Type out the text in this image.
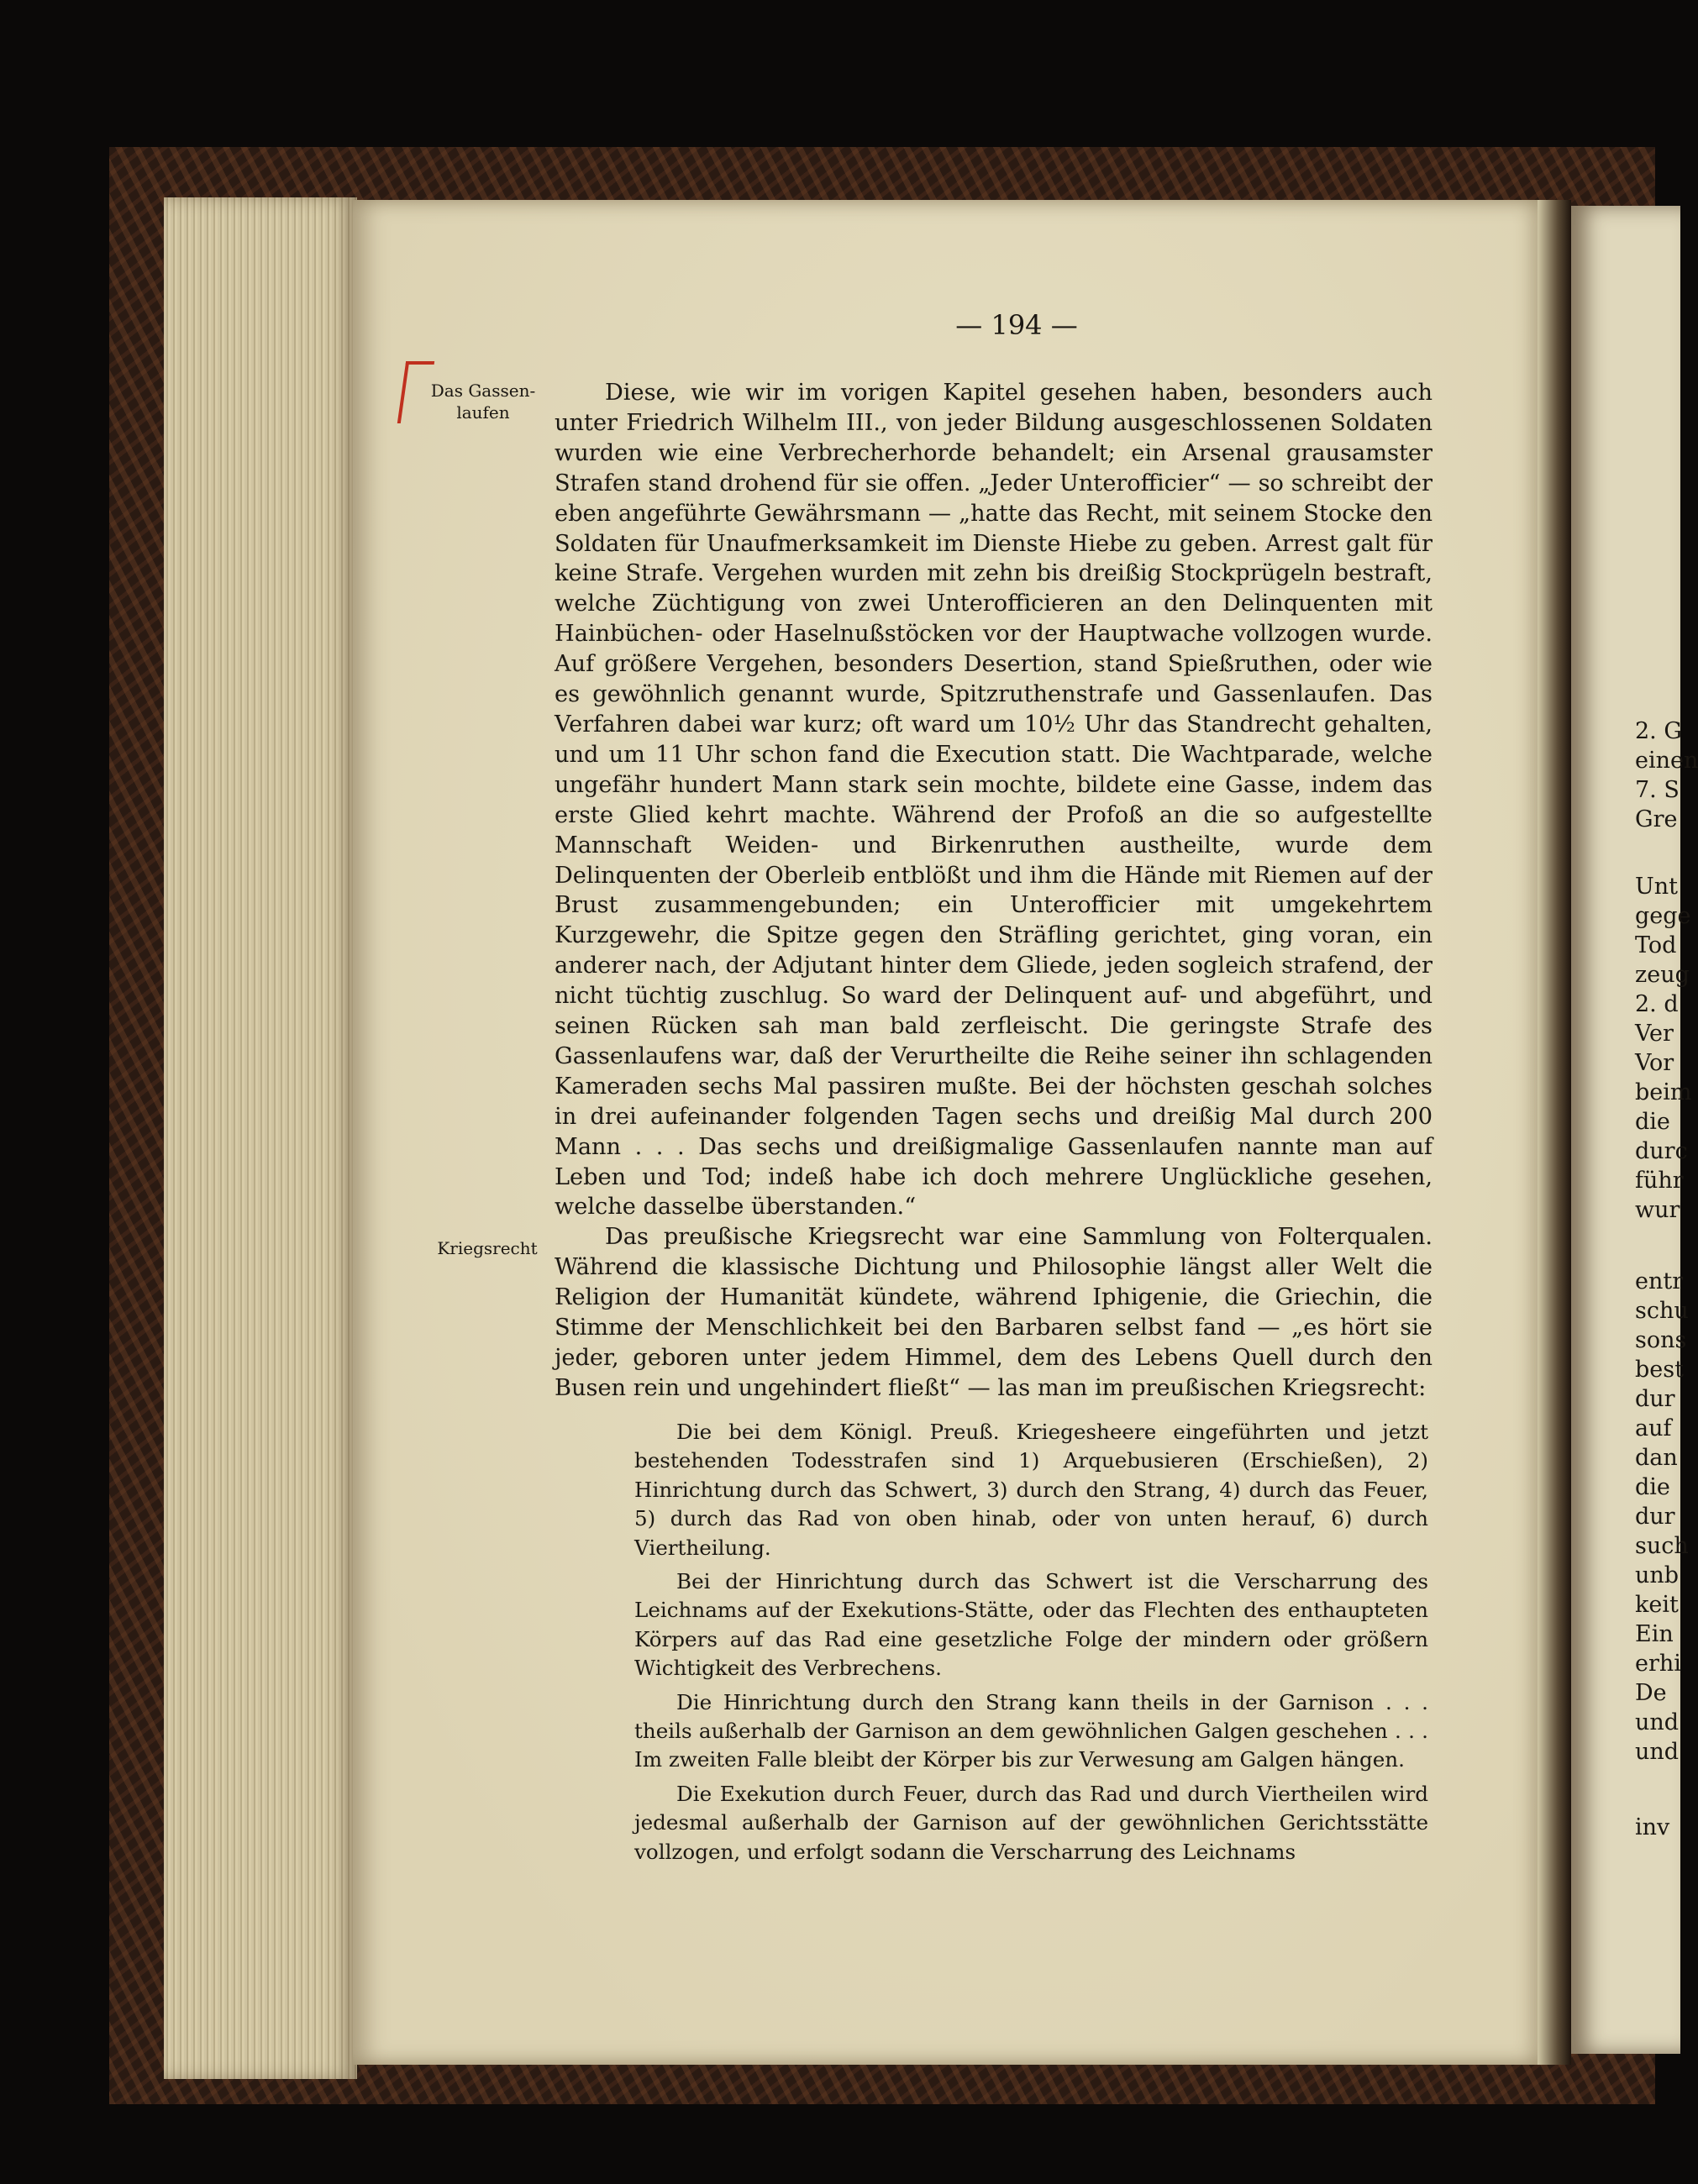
— 194 —
Das Gassen-
laufen
Kriegsrecht

Diese, wie wir im vorigen Kapitel gesehen haben, besonders auch unter Friedrich Wilhelm III., von jeder Bildung ausgeschlossenen Soldaten wurden wie eine Verbrecherhorde behandelt; ein Arsenal grausamster Strafen stand drohend für sie offen. „Jeder Unterofficier“ — so schreibt der eben angeführte Gewährsmann — „hatte das Recht, mit seinem Stocke den Soldaten für Unaufmerksamkeit im Dienste Hiebe zu geben. Arrest galt für keine Strafe. Vergehen wurden mit zehn bis dreißig Stockprügeln bestraft, welche Züchtigung von zwei Unterofficieren an den Delinquenten mit Hainbüchen- oder Haselnußstöcken vor der Hauptwache vollzogen wurde. Auf größere Vergehen, besonders Desertion, stand Spießruthen, oder wie es gewöhnlich genannt wurde, Spitzruthenstrafe und Gassenlaufen. Das Verfahren dabei war kurz; oft ward um 10½ Uhr das Standrecht gehalten, und um 11 Uhr schon fand die Execution statt. Die Wachtparade, welche ungefähr hundert Mann stark sein mochte, bildete eine Gasse, indem das erste Glied kehrt machte. Während der Profoß an die so aufgestellte Mannschaft Weiden- und Birkenruthen austheilte, wurde dem Delinquenten der Oberleib entblößt und ihm die Hände mit Riemen auf der Brust zusammengebunden; ein Unterofficier mit umgekehrtem Kurzgewehr, die Spitze gegen den Sträfling gerichtet, ging voran, ein anderer nach, der Adjutant hinter dem Gliede, jeden sogleich strafend, der nicht tüchtig zuschlug. So ward der Delinquent auf- und abgeführt, und seinen Rücken sah man bald zerfleischt. Die geringste Strafe des Gassenlaufens war, daß der Verurtheilte die Reihe seiner ihn schlagenden Kameraden sechs Mal passiren mußte. Bei der höchsten geschah solches in drei aufeinander folgenden Tagen sechs und dreißig Mal durch 200 Mann . . . Das sechs und dreißigmalige Gassenlaufen nannte man auf Leben und Tod; indeß habe ich doch mehrere Unglückliche gesehen, welche dasselbe überstanden.“

Das preußische Kriegsrecht war eine Sammlung von Folterqualen. Während die klassische Dichtung und Philosophie längst aller Welt die Religion der Humanität kündete, während Iphigenie, die Griechin, die Stimme der Menschlichkeit bei den Barbaren selbst fand — „es hört sie jeder, geboren unter jedem Himmel, dem des Lebens Quell durch den Busen rein und ungehindert fließt“ — las man im preußischen Kriegsrecht:

Die bei dem Königl. Preuß. Kriegesheere eingeführten und jetzt bestehenden Todesstrafen sind 1) Arquebusieren (Erschießen), 2) Hinrichtung durch das Schwert, 3) durch den Strang, 4) durch das Feuer, 5) durch das Rad von oben hinab, oder von unten herauf, 6) durch Viertheilung.

Bei der Hinrichtung durch das Schwert ist die Verscharrung des Leichnams auf der Exekutions-Stätte, oder das Flechten des enthaupteten Körpers auf das Rad eine gesetzliche Folge der mindern oder größern Wichtigkeit des Verbrechens.

Die Hinrichtung durch den Strang kann theils in der Garnison . . . theils außerhalb der Garnison an dem gewöhnlichen Galgen geschehen . . . Im zweiten Falle bleibt der Körper bis zur Verwesung am Galgen hängen.

Die Exekution durch Feuer, durch das Rad und durch Viertheilen wird jedesmal außerhalb der Garnison auf der gewöhnlichen Gerichtsstätte vollzogen, und erfolgt sodann die Verscharrung des Leichnams

2. G
einen
7. S
Gre
Unt
gege
Tod
zeug
2. d
Ver
Vor
beim
die
durc
führ
wur
entr
schu
sons
best
dur
auf
dan
die
dur
such
unb
keit
Ein
erhi
De
und
und
inv
